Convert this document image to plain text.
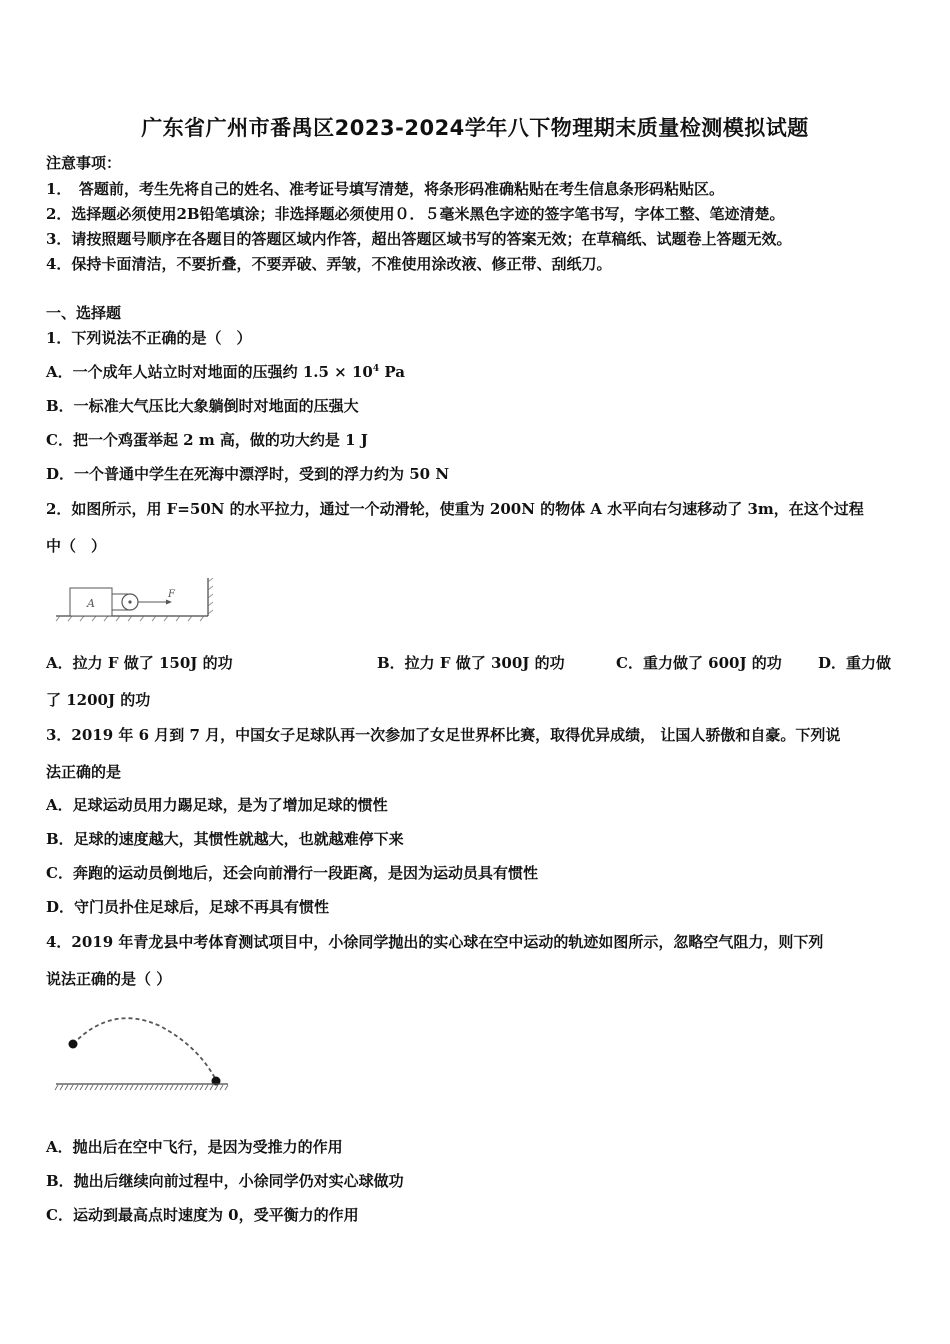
广东省广州市番禺区2023-2024学年八下物理期末质量检测模拟试题
注意事项：
1．　答题前，考生先将自己的姓名、准考证号填写清楚，将条形码准确粘贴在考生信息条形码粘贴区。
2．选择题必须使用2B铅笔填涂；非选择题必须使用０．５毫米黑色字迹的签字笔书写，字体工整、笔迹清楚。
3．请按照题号顺序在各题目的答题区域内作答，超出答题区域书写的答案无效；在草稿纸、试题卷上答题无效。
4．保持卡面清洁，不要折叠，不要弄破、弄皱，不准使用涂改液、修正带、刮纸刀。
一、选择题
1．下列说法不正确的是（　）
A．一个成年人站立时对地面的压强约 $1.5 \times 10^4$ Pa
B．一标准大气压比大象躺倒时对地面的压强大
C．把一个鸡蛋举起 2 m 高，做的功大约是 1 J
D．一个普通中学生在死海中漂浮时，受到的浮力约为 50 N
2．如图所示，用 F=50N 的水平拉力，通过一个动滑轮，使重为 200N 的物体 A 水平向右匀速移动了 3m，在这个过程
中（　）
A
F
A．拉力 F 做了 150J 的功	B．拉力 F 做了 300J 的功	C．重力做了 600J 的功 D．重力做
了 1200J 的功
3．2019 年 6 月到 7 月，中国女子足球队再一次参加了女足世界杯比赛，取得优异成绩， 让国人骄傲和自豪。下列说
法正确的是
A．足球运动员用力踢足球，是为了增加足球的惯性
B．足球的速度越大，其惯性就越大，也就越难停下来
C．奔跑的运动员倒地后，还会向前滑行一段距离，是因为运动员具有惯性
D．守门员扑住足球后，足球不再具有惯性
4．2019 年青龙县中考体育测试项目中，小徐同学抛出的实心球在空中运动的轨迹如图所示，忽略空气阻力，则下列
说法正确的是（ ）
A．抛出后在空中飞行，是因为受推力的作用
B．抛出后继续向前过程中，小徐同学仍对实心球做功
C．运动到最高点时速度为 0，受平衡力的作用
